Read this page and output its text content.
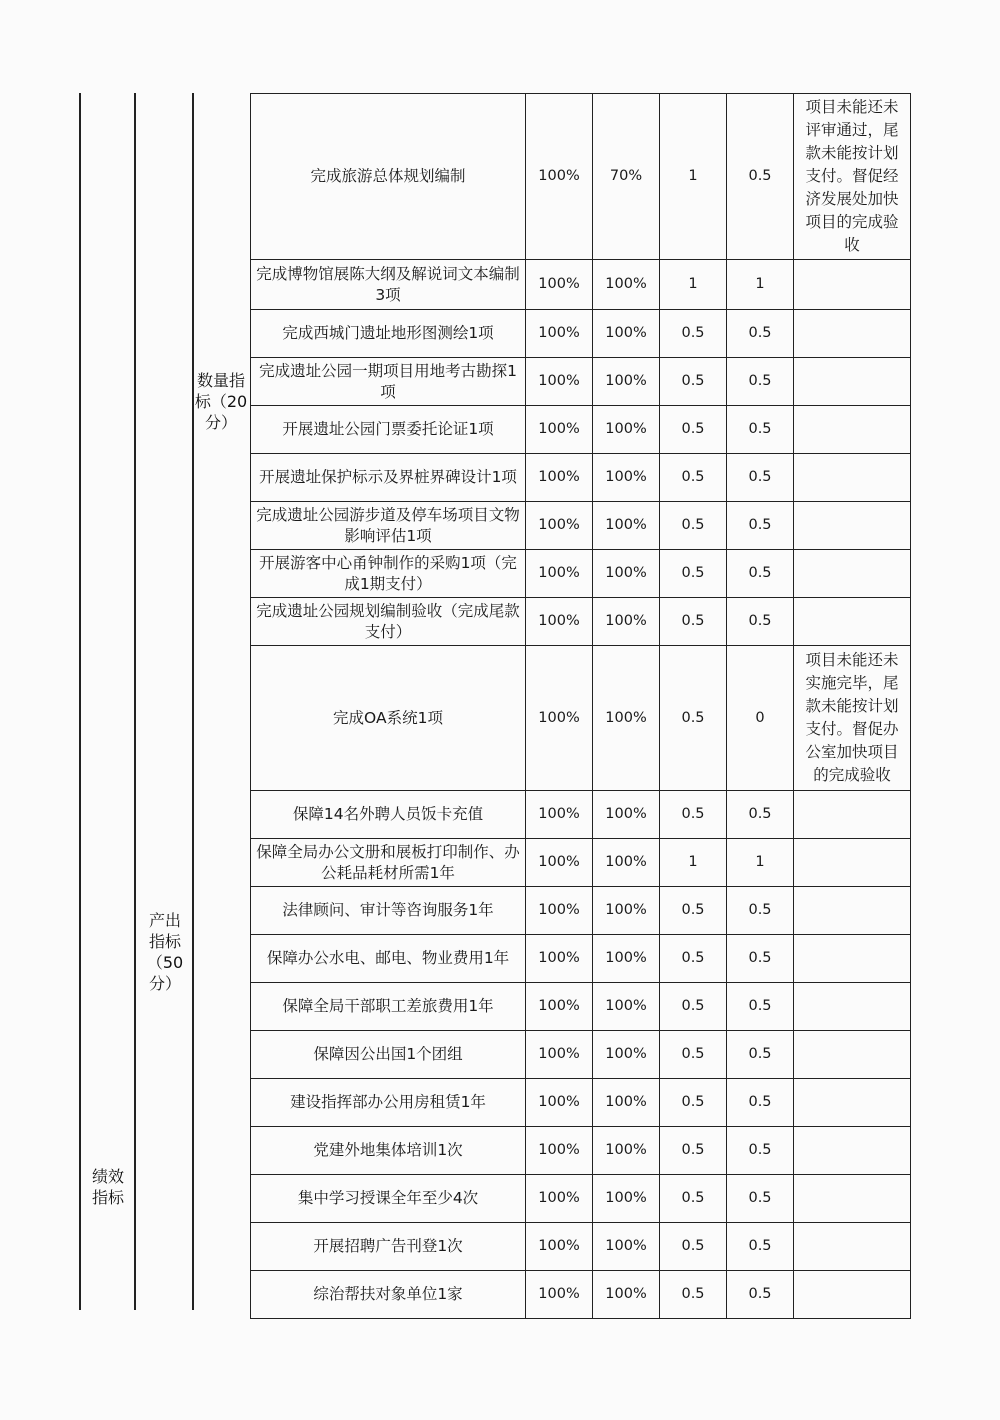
绩效
指标
产出
指标
（50
分）
数量指
标（20
分）
完成旅游总体规划编制	100%	70%	1	0.5	项目未能还未评审通过，尾款未能按计划支付。督促经济发展处加快项目的完成验收
完成博物馆展陈大纲及解说词文本编制3项	100%	100%	1	1	
完成西城门遗址地形图测绘1项	100%	100%	0.5	0.5	
完成遗址公园一期项目用地考古勘探1项	100%	100%	0.5	0.5	
开展遗址公园门票委托论证1项	100%	100%	0.5	0.5	
开展遗址保护标示及界桩界碑设计1项	100%	100%	0.5	0.5	
完成遗址公园游步道及停车场项目文物影响评估1项	100%	100%	0.5	0.5	
开展游客中心甬钟制作的采购1项（完成1期支付）	100%	100%	0.5	0.5	
完成遗址公园规划编制验收（完成尾款支付）	100%	100%	0.5	0.5	
完成OA系统1项	100%	100%	0.5	0	项目未能还未实施完毕，尾款未能按计划支付。督促办公室加快项目的完成验收
保障14名外聘人员饭卡充值	100%	100%	0.5	0.5	
保障全局办公文册和展板打印制作、办公耗品耗材所需1年	100%	100%	1	1	
法律顾问、审计等咨询服务1年	100%	100%	0.5	0.5	
保障办公水电、邮电、物业费用1年	100%	100%	0.5	0.5	
保障全局干部职工差旅费用1年	100%	100%	0.5	0.5	
保障因公出国1个团组	100%	100%	0.5	0.5	
建设指挥部办公用房租赁1年	100%	100%	0.5	0.5	
党建外地集体培训1次	100%	100%	0.5	0.5	
集中学习授课全年至少4次	100%	100%	0.5	0.5	
开展招聘广告刊登1次	100%	100%	0.5	0.5	
综治帮扶对象单位1家	100%	100%	0.5	0.5	
